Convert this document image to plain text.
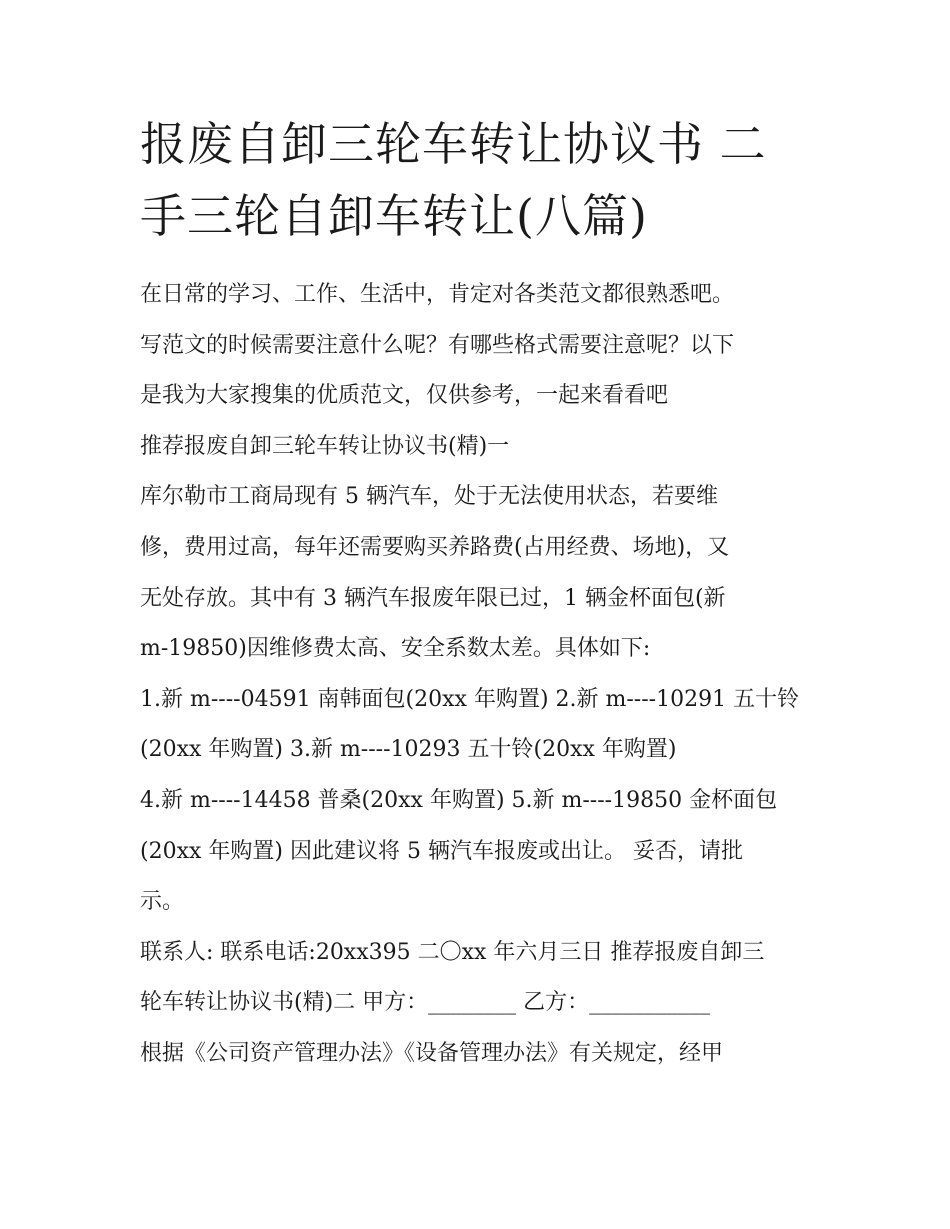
报废自卸三轮车转让协议书 二
手三轮自卸车转让(八篇)

在日常的学习、工作、生活中，肯定对各类范文都很熟悉吧。

写范文的时候需要注意什么呢？有哪些格式需要注意呢？以下

是我为大家搜集的优质范文，仅供参考，一起来看看吧

推荐报废自卸三轮车转让协议书(精)一

库尔勒市工商局现有 5 辆汽车，处于无法使用状态，若要维

修，费用过高，每年还需要购买养路费(占用经费、场地)，又

无处存放。其中有 3 辆汽车报废年限已过，1 辆金杯面包(新

m-19850)因维修费太高、安全系数太差。具体如下:

1.新 m----04591 南韩面包(20xx 年购置) 2.新 m----10291 五十铃

(20xx 年购置) 3.新 m----10293 五十铃(20xx 年购置)

4.新 m----14458 普桑(20xx 年购置) 5.新 m----19850 金杯面包

(20xx 年购置) 因此建议将 5 辆汽车报废或出让。 妥否，请批

示。

联系人: 联系电话:20xx395 二〇xx 年六月三日 推荐报废自卸三

轮车转让协议书(精)二 甲方：________ 乙方：___________

根据《公司资产管理办法》《设备管理办法》有关规定，经甲
